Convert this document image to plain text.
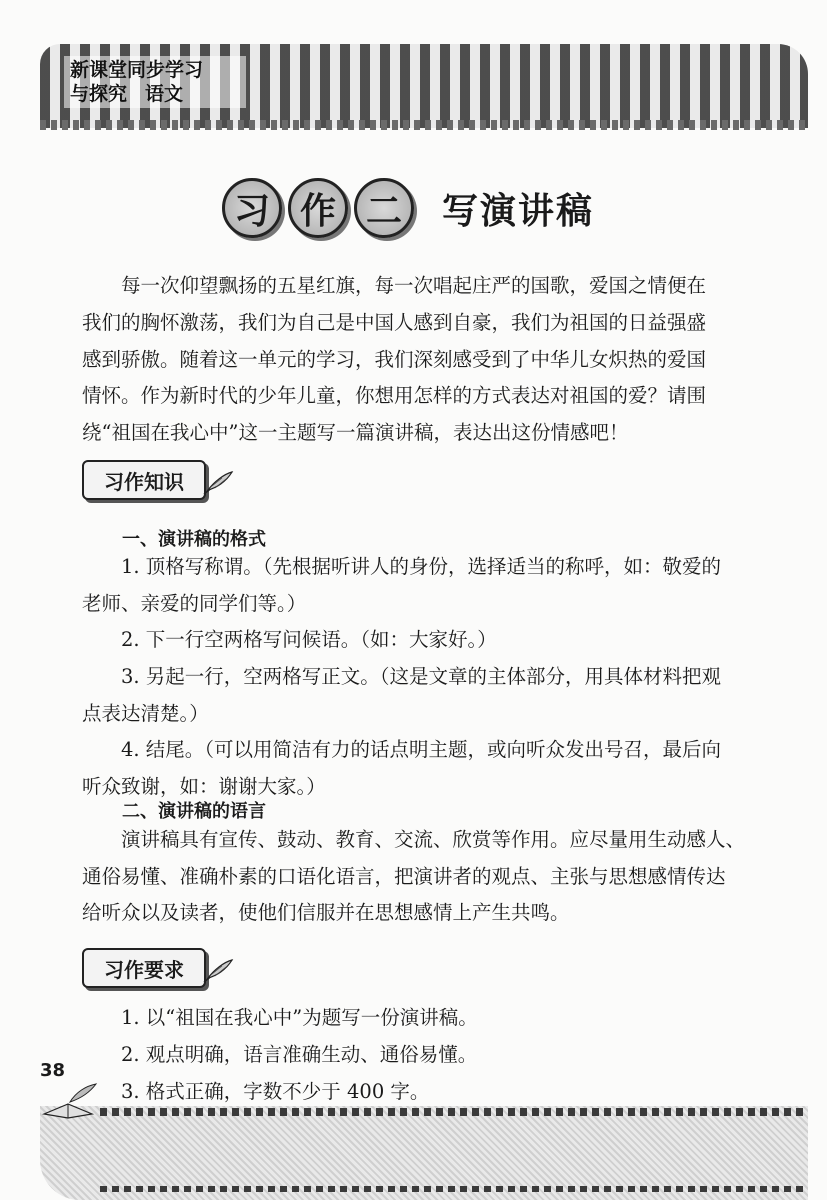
新课堂同步学习
与探究 语文
习 作 二	写演讲稿
每一次仰望飘扬的五星红旗，每一次唱起庄严的国歌，爱国之情便在
我们的胸怀激荡，我们为自己是中国人感到自豪，我们为祖国的日益强盛
感到骄傲。随着这一单元的学习，我们深刻感受到了中华儿女炽热的爱国
情怀。作为新时代的少年儿童，你想用怎样的方式表达对祖国的爱？请围
绕“祖国在我心中”这一主题写一篇演讲稿，表达出这份情感吧！
习作知识
一、演讲稿的格式
1. 顶格写称谓。（先根据听讲人的身份，选择适当的称呼，如：敬爱的
老师、亲爱的同学们等。）
2. 下一行空两格写问候语。（如：大家好。）
3. 另起一行，空两格写正文。（这是文章的主体部分，用具体材料把观
点表达清楚。）
4. 结尾。（可以用简洁有力的话点明主题，或向听众发出号召，最后向
听众致谢，如：谢谢大家。）
二、演讲稿的语言
演讲稿具有宣传、鼓动、教育、交流、欣赏等作用。应尽量用生动感人、
通俗易懂、准确朴素的口语化语言，把演讲者的观点、主张与思想感情传达
给听众以及读者，使他们信服并在思想感情上产生共鸣。
习作要求
1. 以“祖国在我心中”为题写一份演讲稿。
2. 观点明确，语言准确生动、通俗易懂。
3. 格式正确，字数不少于 400 字。
38
